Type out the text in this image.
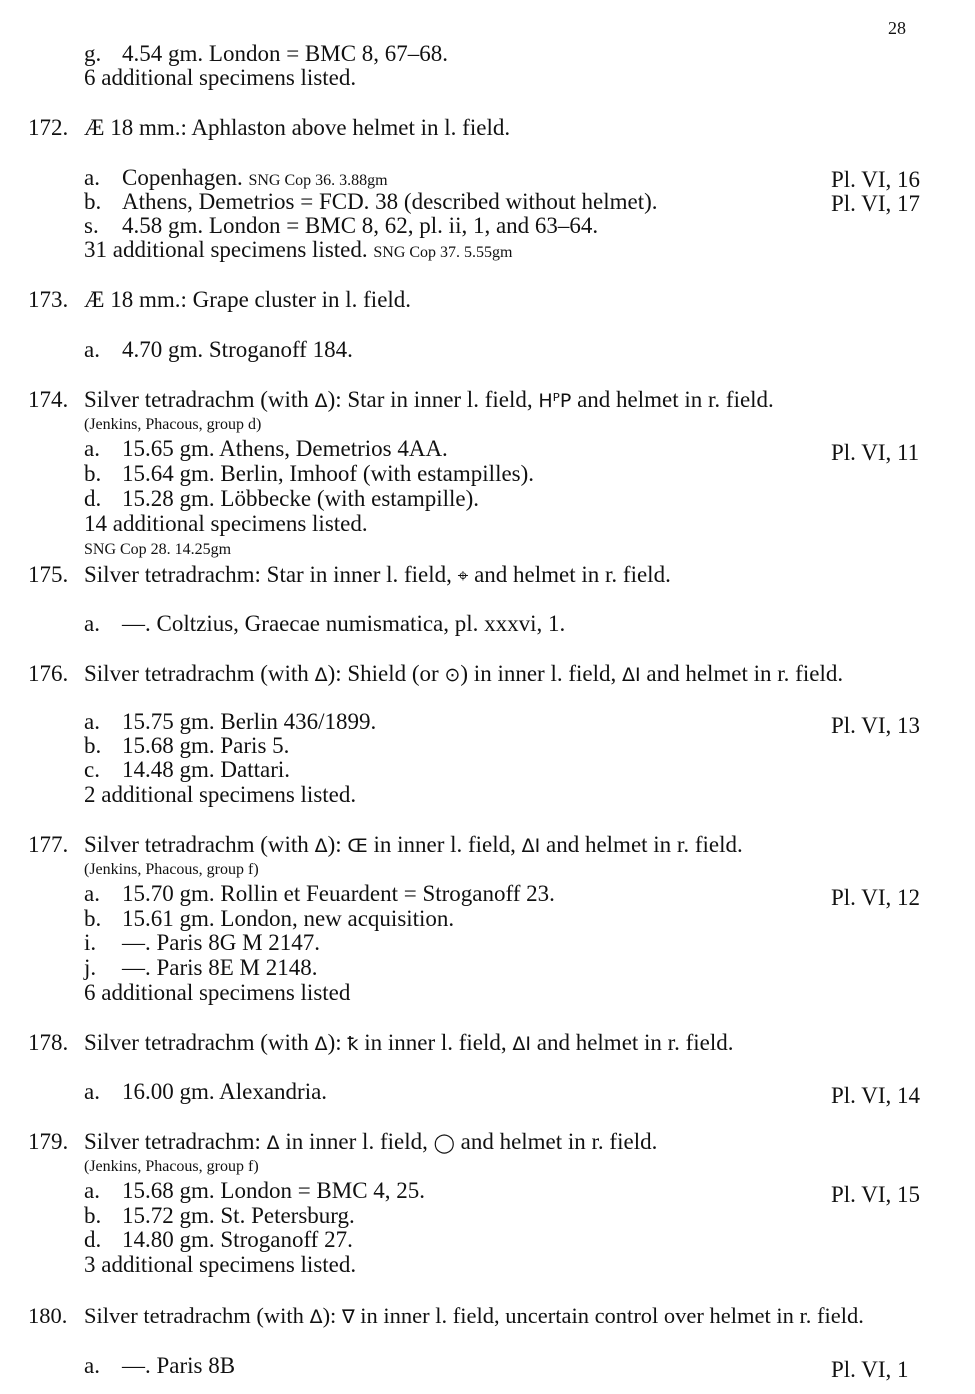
28
g. 4.54 gm. London = BMC 8, 67–68.
6 additional specimens listed.
172. Æ 18 mm.: Aphlaston above helmet in l. field.
a. Copenhagen. SNG Cop 36. 3.88gm	Pl. VI, 16
b. Athens, Demetrios = FCD. 38 (described without helmet).	Pl. VI, 17
s. 4.58 gm. London = BMC 8, 62, pl. ii, 1, and 63–64.
31 additional specimens listed. SNG Cop 37. 5.55gm
173. Æ 18 mm.: Grape cluster in l. field.
a. 4.70 gm. Stroganoff 184.
174. Silver tetradrachm (with Δ): Star in inner l. field, ΗᴾP and helmet in r. field.
(Jenkins, Phacous, group d)
a. 15.65 gm. Athens, Demetrios 4AA.	Pl. VI, 11
b. 15.64 gm. Berlin, Imhoof (with estampilles).
d. 15.28 gm. Löbbecke (with estampille).
14 additional specimens listed.
SNG Cop 28. 14.25gm
175. Silver tetradrachm: Star in inner l. field, ⌖ and helmet in r. field.
a. —. Coltzius, Graecae numismatica, pl. xxxvi, 1.
176. Silver tetradrachm (with Δ): Shield (or ⊙) in inner l. field, ΔI and helmet in r. field.
a. 15.75 gm. Berlin 436/1899.	Pl. VI, 13
b. 15.68 gm. Paris 5.
c. 14.48 gm. Dattari.
2 additional specimens listed.
177. Silver tetradrachm (with Δ): Œ in inner l. field, ΔI and helmet in r. field.
(Jenkins, Phacous, group f)
a. 15.70 gm. Rollin et Feuardent = Stroganoff 23.	Pl. VI, 12
b. 15.61 gm. London, new acquisition.
i. —. Paris 8G M 2147.
j. —. Paris 8E M 2148.
6 additional specimens listed
178. Silver tetradrachm (with Δ): ꝁ in inner l. field, ΔI and helmet in r. field.
a. 16.00 gm. Alexandria.	Pl. VI, 14
179. Silver tetradrachm: Δ in inner l. field, ◯ and helmet in r. field.
(Jenkins, Phacous, group f)
a. 15.68 gm. London = BMC 4, 25.	Pl. VI, 15
b. 15.72 gm. St. Petersburg.
d. 14.80 gm. Stroganoff 27.
3 additional specimens listed.
180. Silver tetradrachm (with Δ): ∇ in inner l. field, uncertain control over helmet in r. field.
a. —. Paris 8B	Pl. VI, 1
